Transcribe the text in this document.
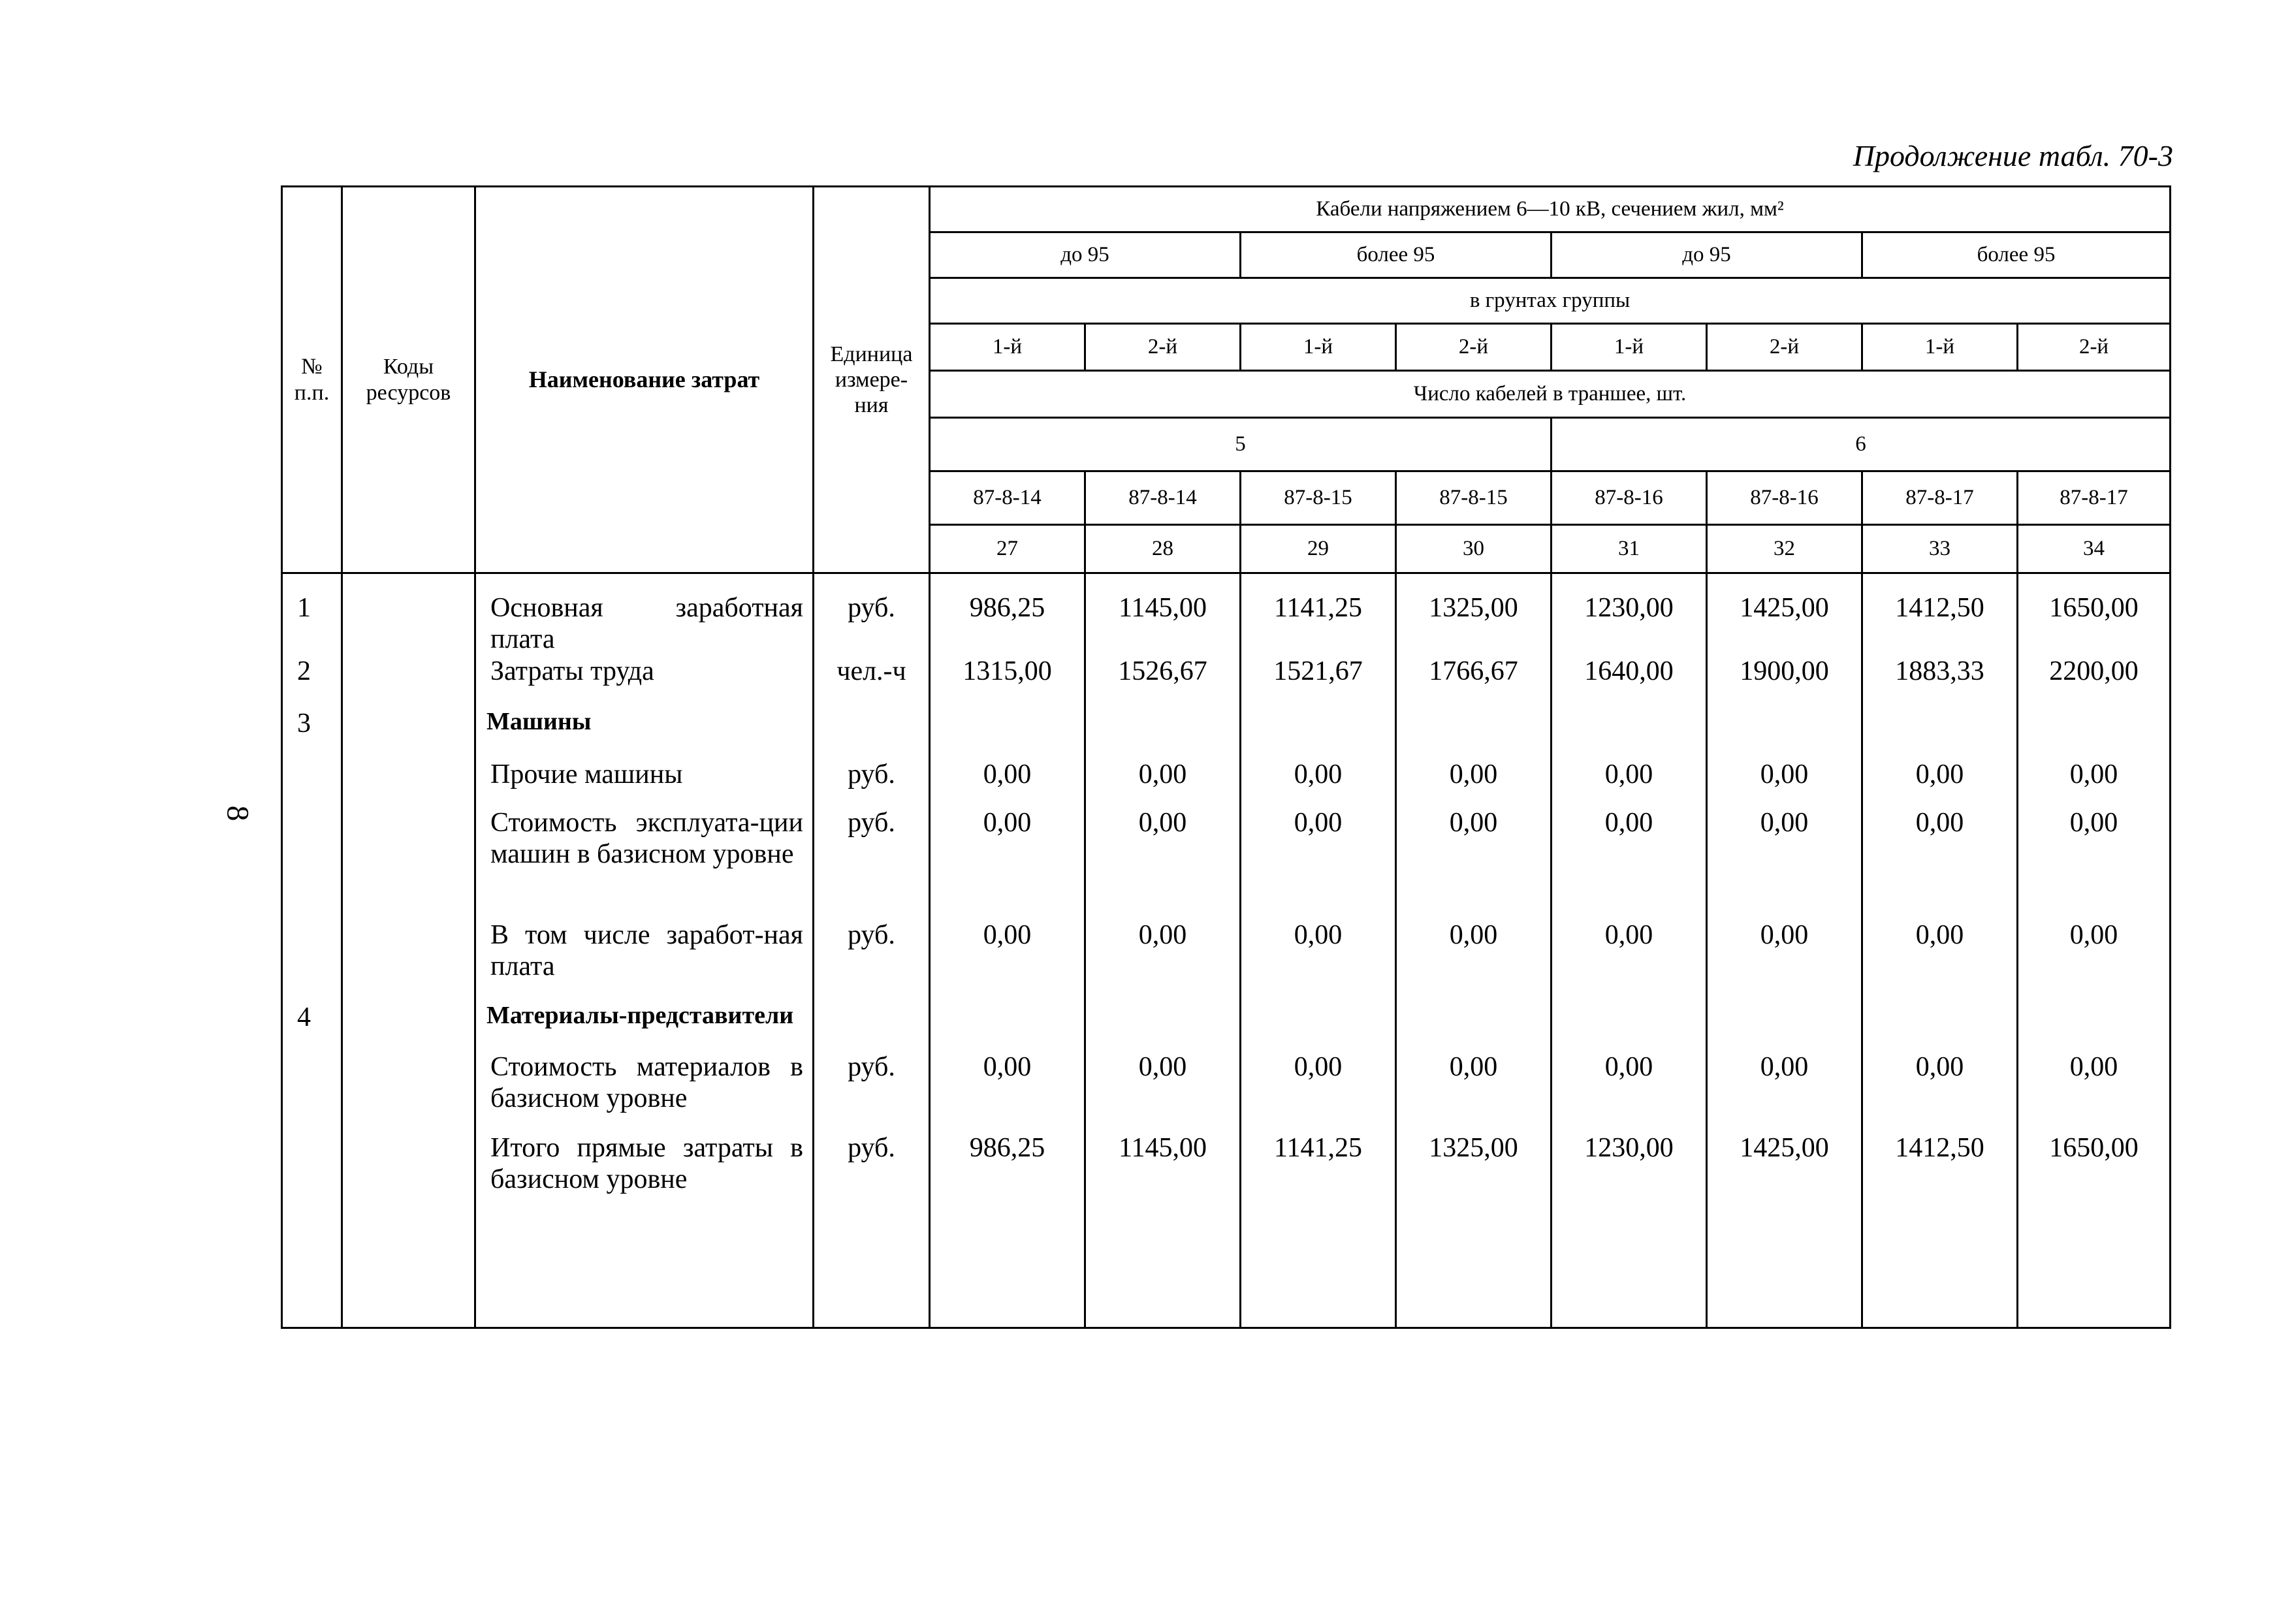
Продолжение табл. 70-3
8
№ п.п.	Коды ресурсов	Наименование затрат	Единица измере-ния	Кабели напряжением 6—10 кВ, сечением жил, мм²							
				до 95		более 95		до 95		более 95	
				в грунтах группы							
				1-й	2-й	1-й	2-й	1-й	2-й	1-й	2-й
				Число кабелей в траншее, шт.							
				5				6			
				87-8-14	87-8-14	87-8-15	87-8-15	87-8-16	87-8-16	87-8-17	87-8-17
				27	28	29	30	31	32	33	34
1		Основная заработная плата	руб.	986,25	1145,00	1141,25	1325,00	1230,00	1425,00	1412,50	1650,00
2		Затраты труда	чел.-ч	1315,00	1526,67	1521,67	1766,67	1640,00	1900,00	1883,33	2200,00
3		Машины									
		Прочие машины	руб.	0,00	0,00	0,00	0,00	0,00	0,00	0,00	0,00
		Стоимость эксплуата-ции машин в базисном уровне	руб.	0,00	0,00	0,00	0,00	0,00	0,00	0,00	0,00
		В том числе заработ-ная плата	руб.	0,00	0,00	0,00	0,00	0,00	0,00	0,00	0,00
4		Материалы-представители									
		Стоимость материалов в базисном уровне	руб.	0,00	0,00	0,00	0,00	0,00	0,00	0,00	0,00
		Итого прямые затраты в базисном уровне	руб.	986,25	1145,00	1141,25	1325,00	1230,00	1425,00	1412,50	1650,00
